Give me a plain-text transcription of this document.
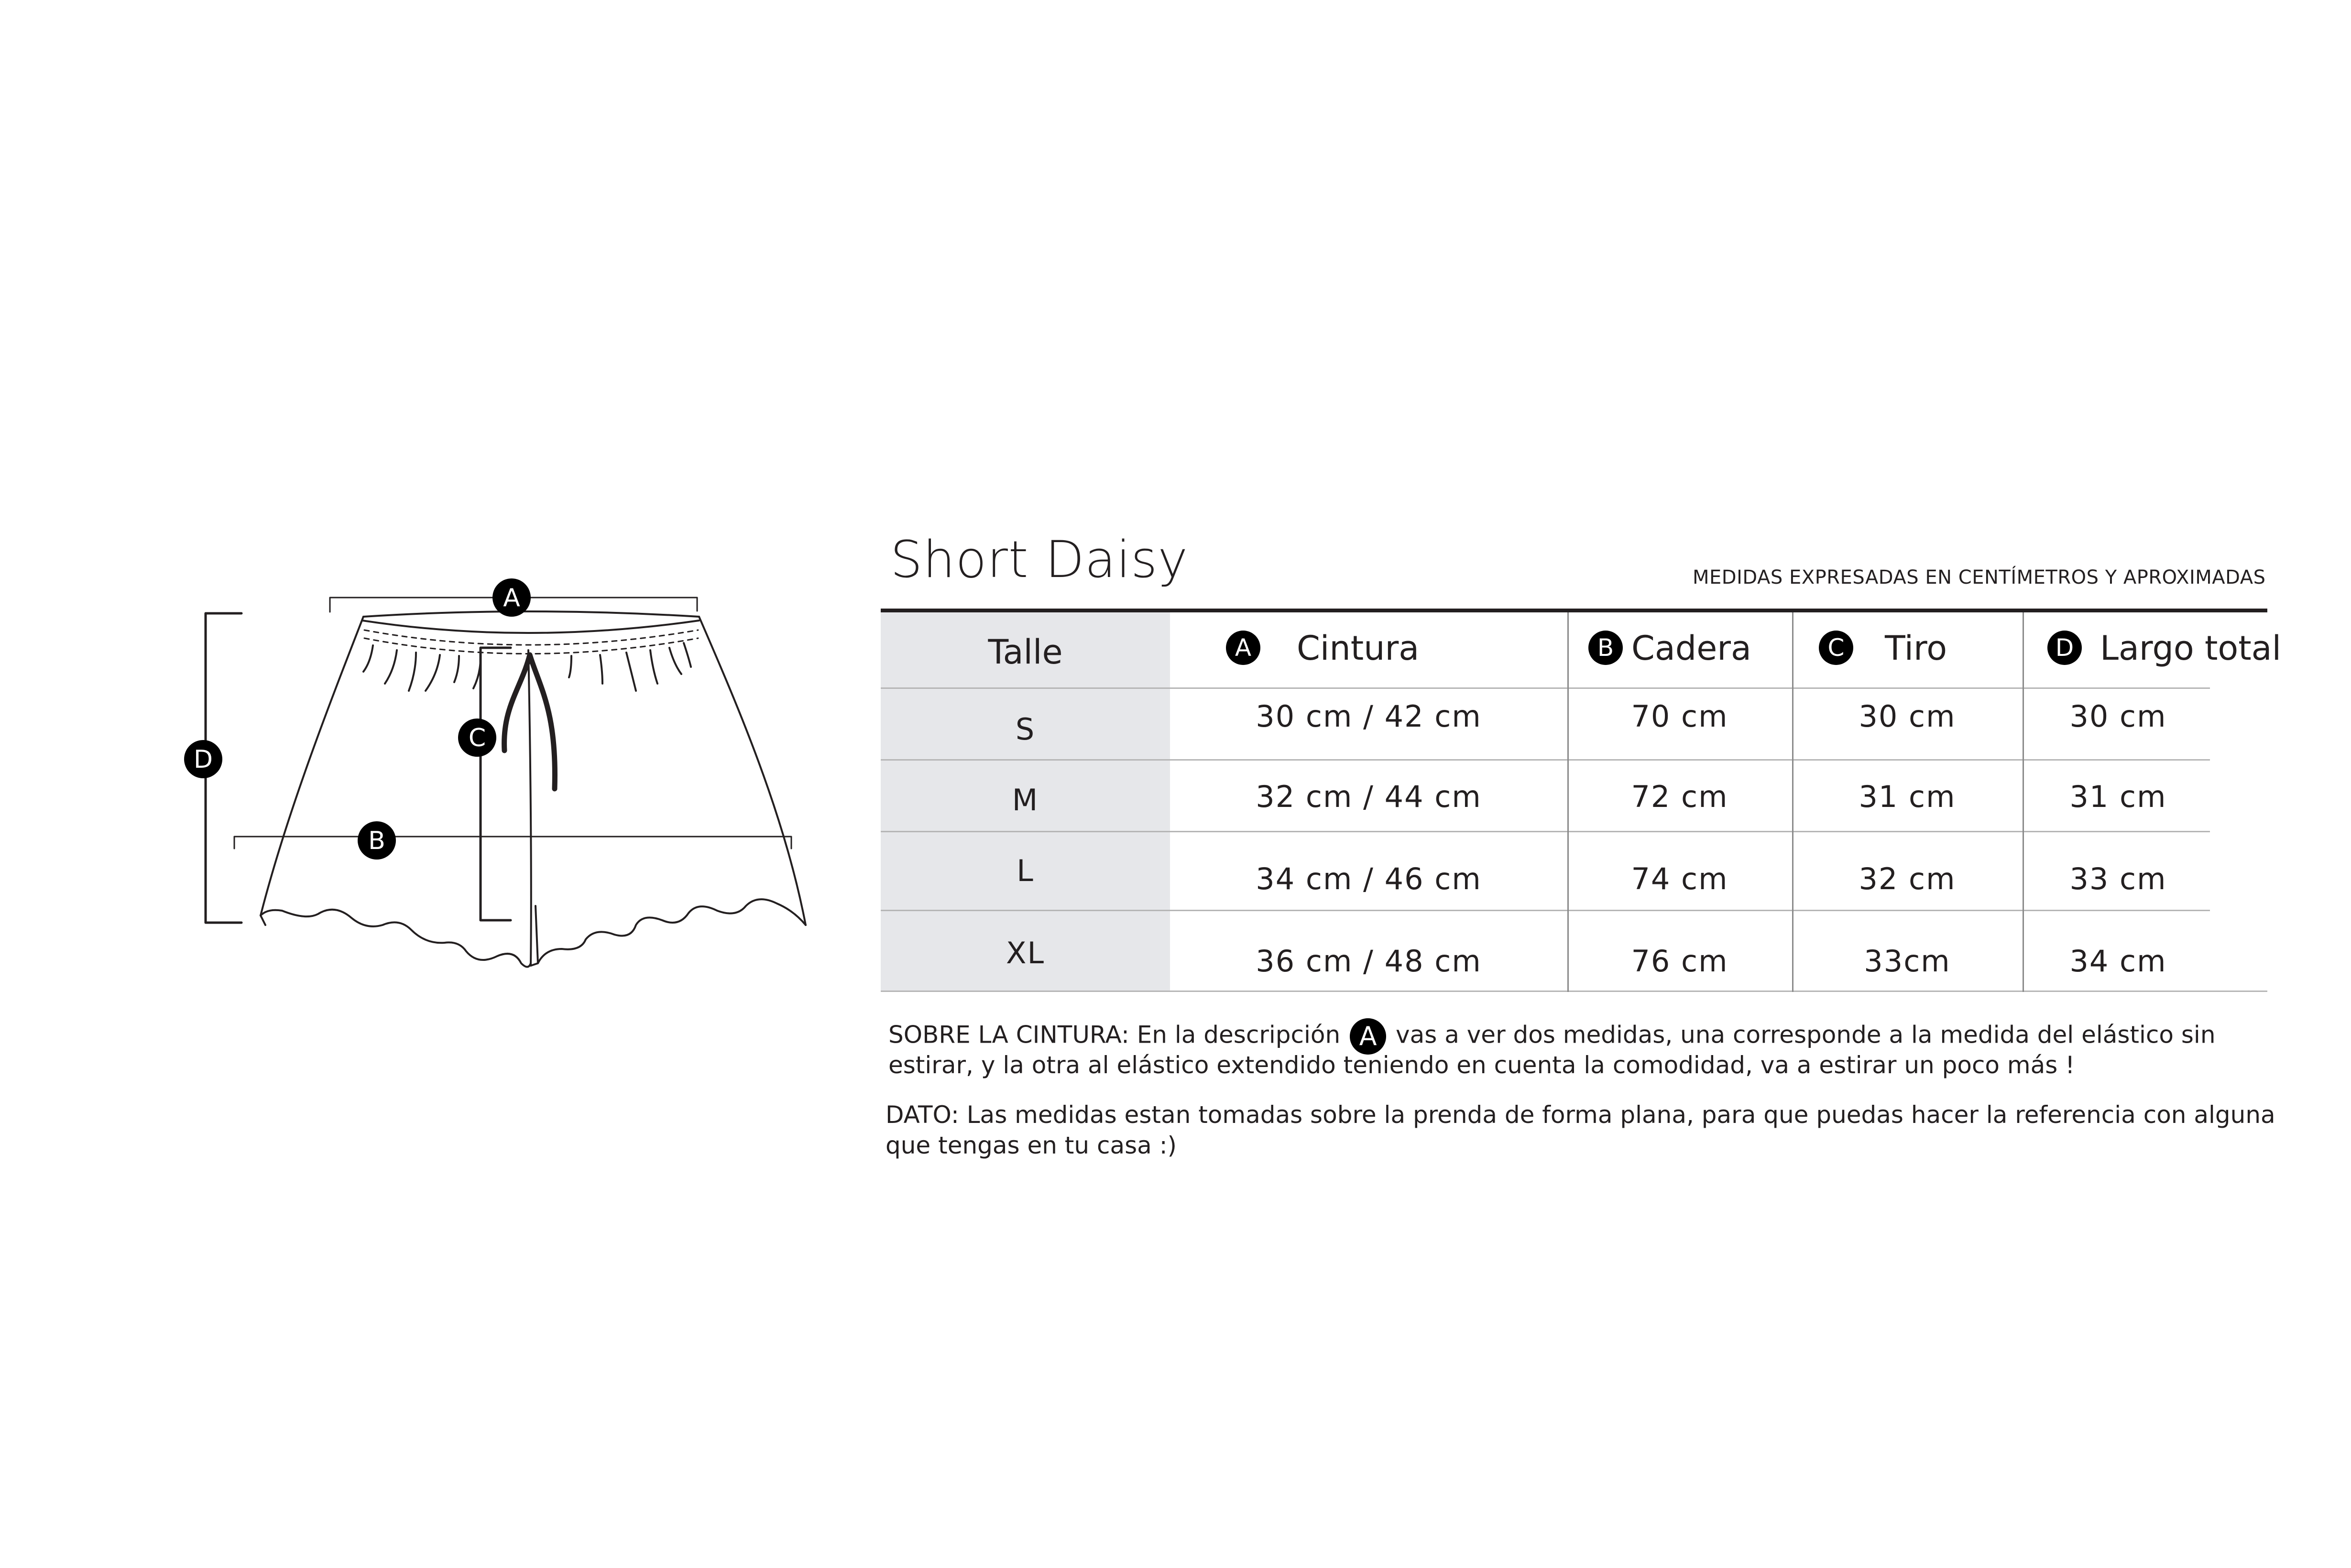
A
B
C
D
Short Daisy	MEDIDAS EXPRESADAS EN CENTÍMETROS Y APROXIMADAS
Talle	A Cintura	B Cadera	C Tiro	D Largo total
S	30 cm / 42 cm	70 cm	30 cm	30 cm
M	32 cm / 44 cm	72 cm	31 cm	31 cm
L	34 cm / 46 cm	74 cm	32 cm	33 cm
XL	36 cm / 48 cm	76 cm	33cm	34 cm
SOBRE LA CINTURA: En la descripción A vas a ver dos medidas, una corresponde a la medida del elástico sin
estirar, y la otra al elástico extendido teniendo en cuenta la comodidad, va a estirar un poco más !
DATO: Las medidas estan tomadas sobre la prenda de forma plana, para que puedas hacer la referencia con alguna
que tengas en tu casa :)
